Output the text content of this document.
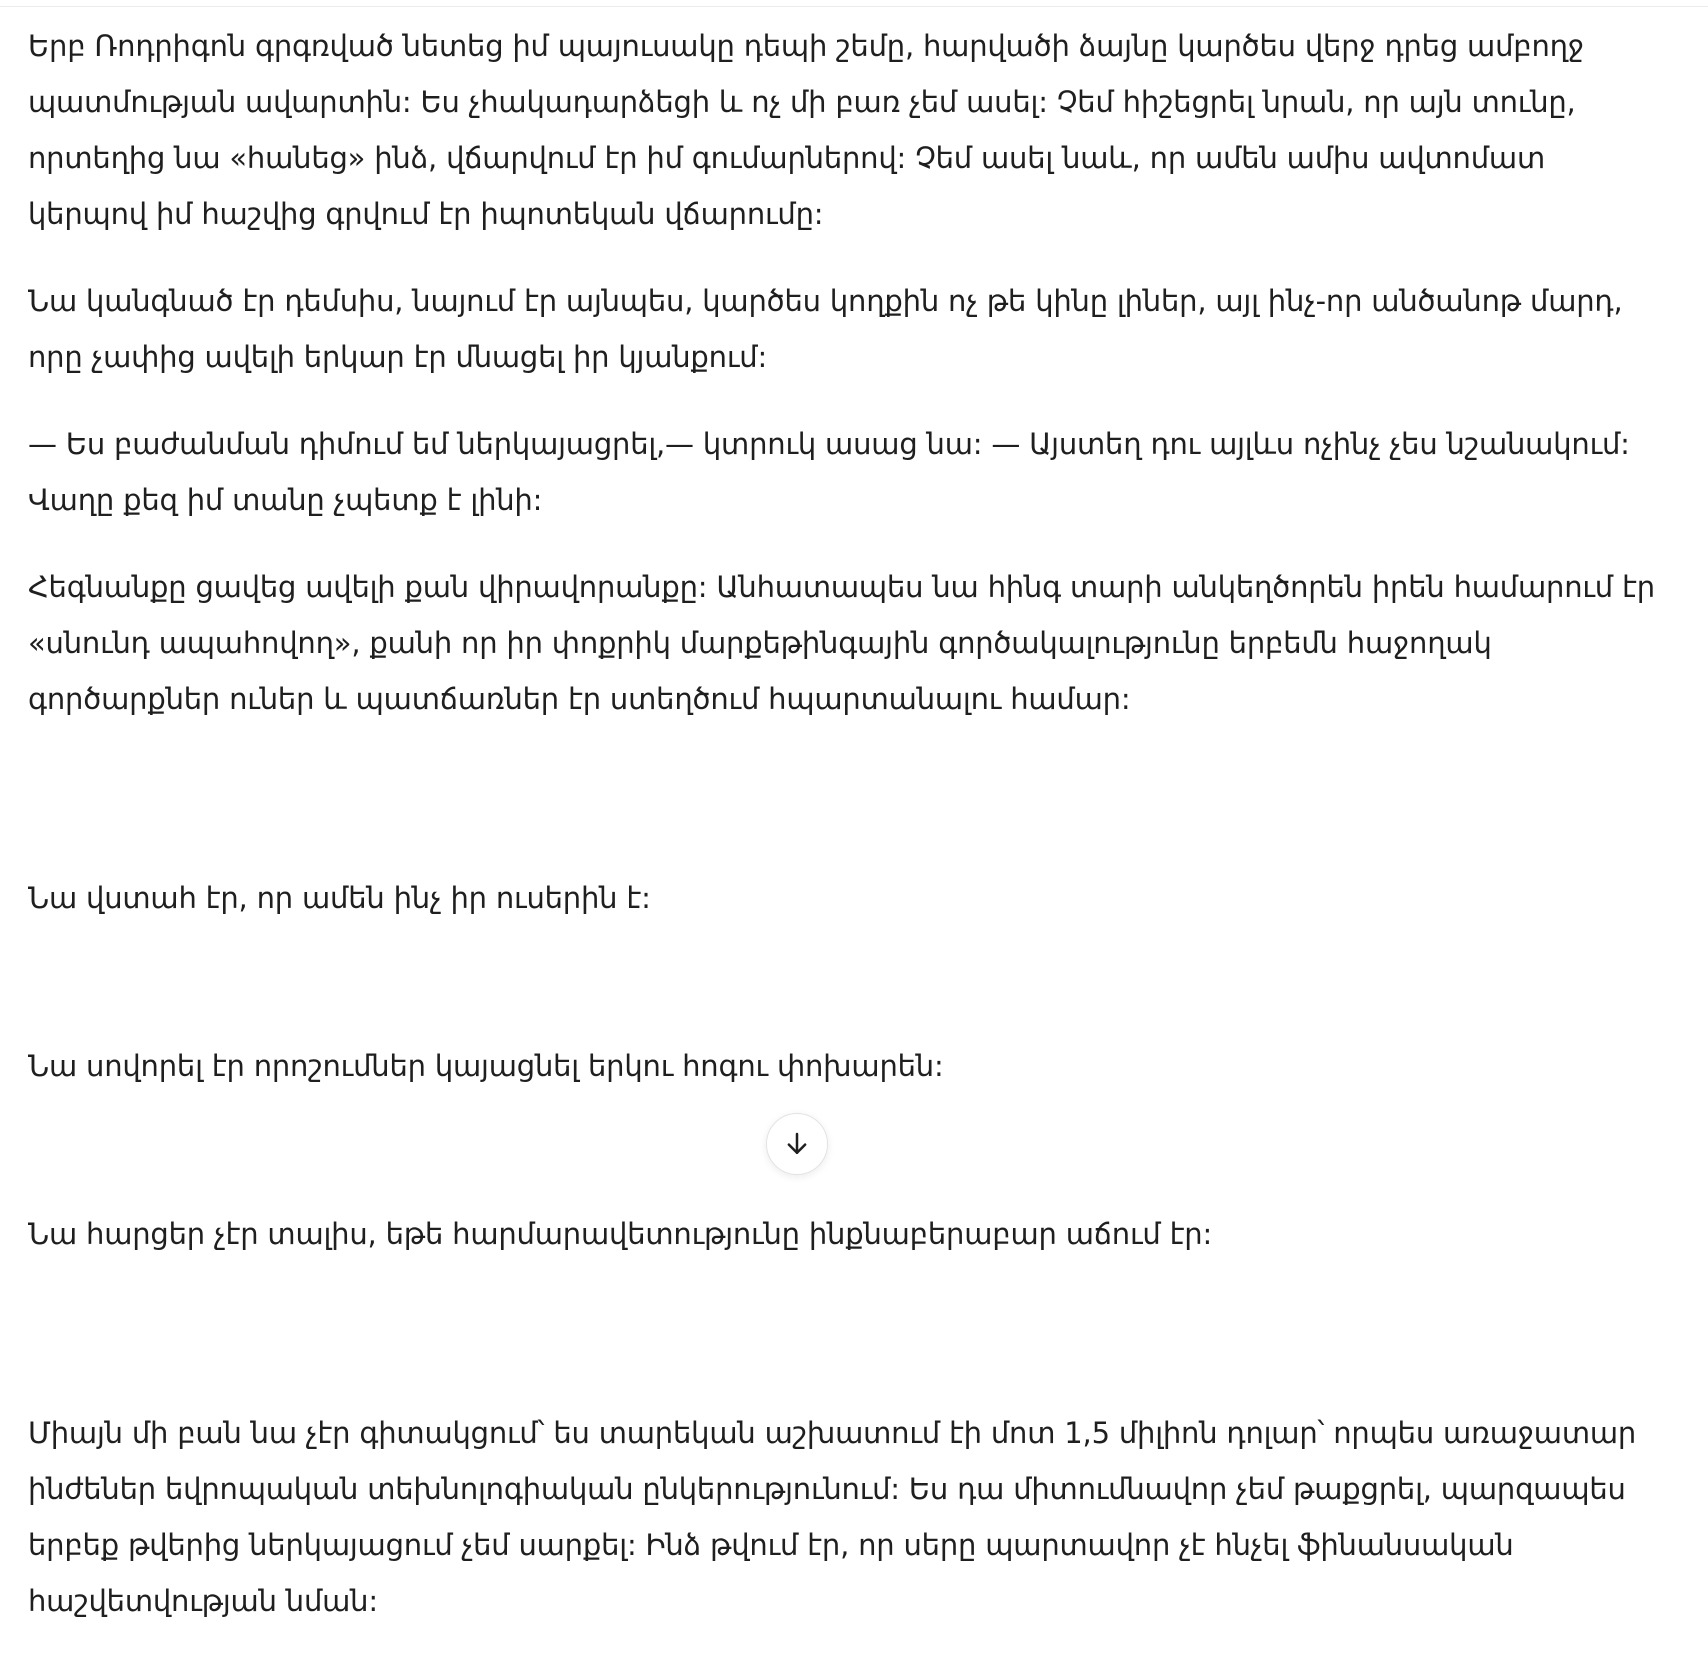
Երբ Ռոդրիգոն գրգռված նետեց իմ պայուսակը դեպի շեմը, հարվածի ձայնը կարծես վերջ դրեց ամբողջ պատմության ավարտին: Ես չհակադարձեցի և ոչ մի բառ չեմ ասել: Չեմ հիշեցրել նրան, որ այն տունը, որտեղից նա «հանեց» ինձ, վճարվում էր իմ գումարներով: Չեմ ասել նաև, որ ամեն ամիս ավտոմատ կերպով իմ հաշվից գրվում էր իպոտեկան վճարումը:

Նա կանգնած էր դեմսիս, նայում էր այնպես, կարծես կողքին ոչ թե կինը լիներ, այլ ինչ-որ անծանոթ մարդ, որը չափից ավելի երկար էր մնացել իր կյանքում:

— Ես բաժանման դիմում եմ ներկայացրել,— կտրուկ ասաց նա: — Այստեղ դու այլևս ոչինչ չես նշանակում: Վաղը քեզ իմ տանը չպետք է լինի:

Հեգնանքը ցավեց ավելի քան վիրավորանքը: Անհատապես նա հինգ տարի անկեղծորեն իրեն համարում էր «սնունդ ապահովող», քանի որ իր փոքրիկ մարքեթինգային գործակալությունը երբեմն հաջողակ գործարքներ ուներ և պատճառներ էր ստեղծում հպարտանալու համար:

Նա վստահ էր, որ ամեն ինչ իր ուսերին է:

Նա սովորել էր որոշումներ կայացնել երկու հոգու փոխարեն:

Նա հարցեր չէր տալիս, եթե հարմարավետությունը ինքնաբերաբար աճում էր:

Միայն մի բան նա չէր գիտակցում՝ ես տարեկան աշխատում էի մոտ 1,5 միլիոն դոլար՝ որպես առաջատար ինժեներ եվրոպական տեխնոլոգիական ընկերությունում: Ես դա միտումնավոր չեմ թաքցրել, պարզապես երբեք թվերից ներկայացում չեմ սարքել: Ինձ թվում էր, որ սերը պարտավոր չէ հնչել ֆինանսական հաշվետվության նման:
